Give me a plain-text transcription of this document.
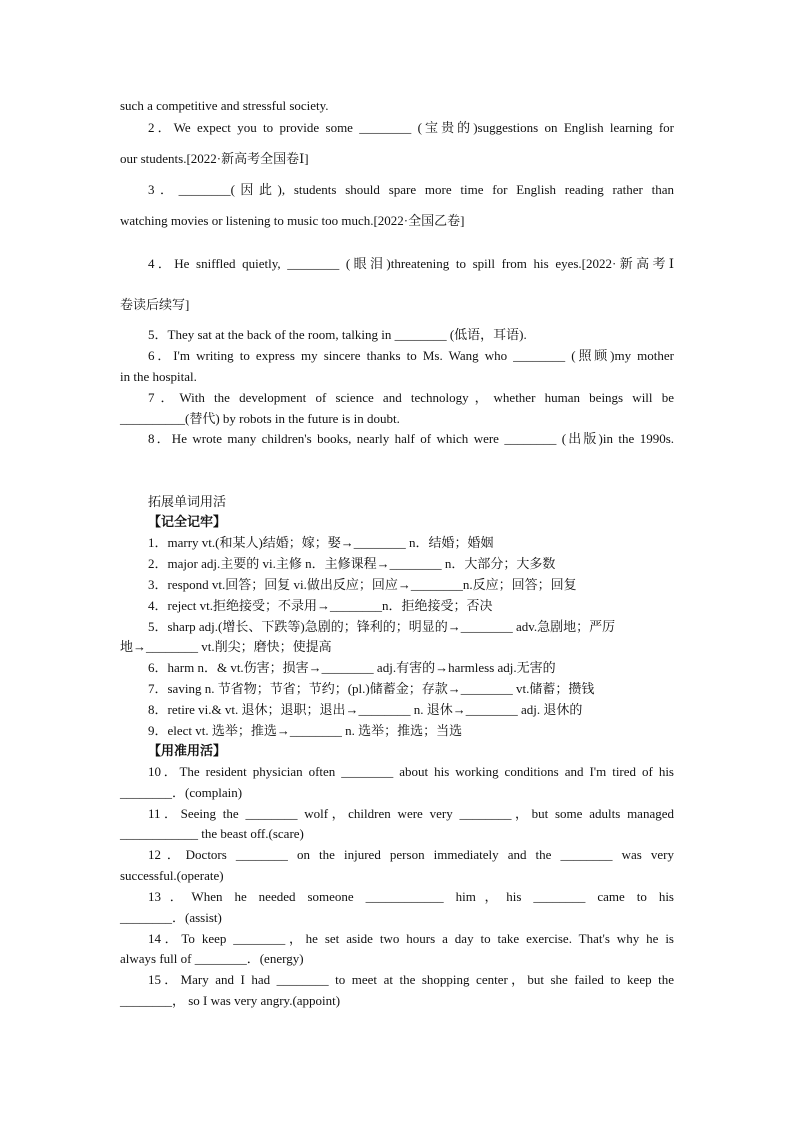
such a competitive and stressful society.
2．We expect you to provide some ________ (宝贵的)suggestions on English learning for
our students.[2022·新高考全国卷Ⅰ]
3．________(因此), students should spare more time for English reading rather than
watching movies or listening to music too much.[2022·全国乙卷]
4．He sniffled quietly, ________ (眼泪)threatening to spill from his eyes.[2022·新高考Ⅰ
卷读后续写]
5．They sat at the back of the room, talking in ________ (低语，耳语).
6．I'm writing to express my sincere thanks to Ms. Wang who ________ (照顾)my mother
in the hospital.
7．With the development of science and technology，whether human beings will be
__________(替代) by robots in the future is in doubt.
8．He wrote many children's books, nearly half of which were ________ (出版)in the 1990s.
拓展单词用活
【记全记牢】
1．marry vt.(和某人)结婚；嫁；娶→________ n．结婚；婚姻
2．major adj.主要的 vi.主修 n．主修课程→________ n．大部分；大多数
3．respond vt.回答；回复 vi.做出反应；回应→________n.反应；回答；回复
4．reject vt.拒绝接受；不录用→________n．拒绝接受；否决
5．sharp adj.(增长、下跌等)急剧的；锋利的；明显的→________ adv.急剧地；严厉
地→________ vt.削尖；磨快；使提高
6．harm n．& vt.伤害；损害→________ adj.有害的→harmless adj.无害的
7．saving n. 节省物；节省；节约；(pl.)储蓄金；存款→________ vt.储蓄；攒钱
8．retire vi.& vt. 退休；退职；退出→________ n. 退休→________ adj. 退休的
9．elect vt. 选举；推选→________ n. 选举；推选；当选
【用准用活】
10．The resident physician often ________ about his working conditions and I'm tired of his
________．(complain)
11．Seeing the ________ wolf，children were very ________，but some adults managed
____________ the beast off.(scare)
12．Doctors ________ on the injured person immediately and the ________ was very
successful.(operate)
13．When he needed someone ____________ him，his ________ came to his
________．(assist)
14．To keep ________，he set aside two hours a day to take exercise. That's why he is
always full of ________．(energy)
15．Mary and I had ________ to meet at the shopping center，but she failed to keep the
________， so I was very angry.(appoint)
